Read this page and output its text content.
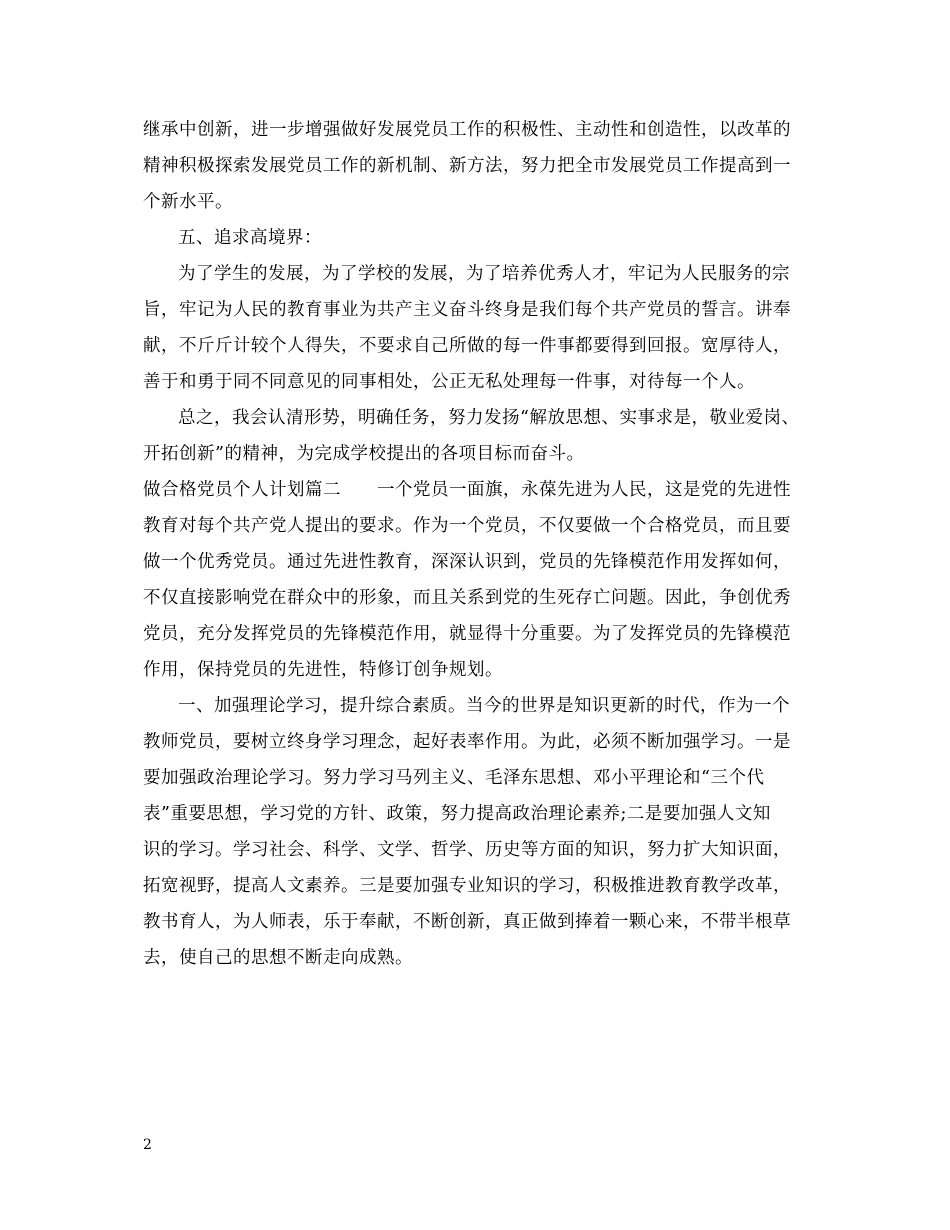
继承中创新，进一步增强做好发展党员工作的积极性、主动性和创造性，以改革的
精神积极探索发展党员工作的新机制、新方法，努力把全市发展党员工作提高到一
个新水平。
五、追求高境界：
为了学生的发展，为了学校的发展，为了培养优秀人才，牢记为人民服务的宗
旨，牢记为人民的教育事业为共产主义奋斗终身是我们每个共产党员的誓言。讲奉
献，不斤斤计较个人得失，不要求自己所做的每一件事都要得到回报。宽厚待人，
善于和勇于同不同意见的同事相处，公正无私处理每一件事，对待每一个人。
总之，我会认清形势，明确任务，努力发扬“解放思想、实事求是，敬业爱岗、
开拓创新”的精神，为完成学校提出的各项目标而奋斗。
做合格党员个人计划篇二　　一个党员一面旗，永葆先进为人民，这是党的先进性
教育对每个共产党人提出的要求。作为一个党员，不仅要做一个合格党员，而且要
做一个优秀党员。通过先进性教育，深深认识到，党员的先锋模范作用发挥如何，
不仅直接影响党在群众中的形象，而且关系到党的生死存亡问题。因此，争创优秀
党员，充分发挥党员的先锋模范作用，就显得十分重要。为了发挥党员的先锋模范
作用，保持党员的先进性，特修订创争规划。
一、加强理论学习，提升综合素质。当今的世界是知识更新的时代，作为一个
教师党员，要树立终身学习理念，起好表率作用。为此，必须不断加强学习。一是
要加强政治理论学习。努力学习马列主义、毛泽东思想、邓小平理论和“三个代
表”重要思想，学习党的方针、政策，努力提高政治理论素养;二是要加强人文知
识的学习。学习社会、科学、文学、哲学、历史等方面的知识，努力扩大知识面，
拓宽视野，提高人文素养。三是要加强专业知识的学习，积极推进教育教学改革，
教书育人，为人师表，乐于奉献，不断创新，真正做到捧着一颗心来，不带半根草
去，使自己的思想不断走向成熟。
2
